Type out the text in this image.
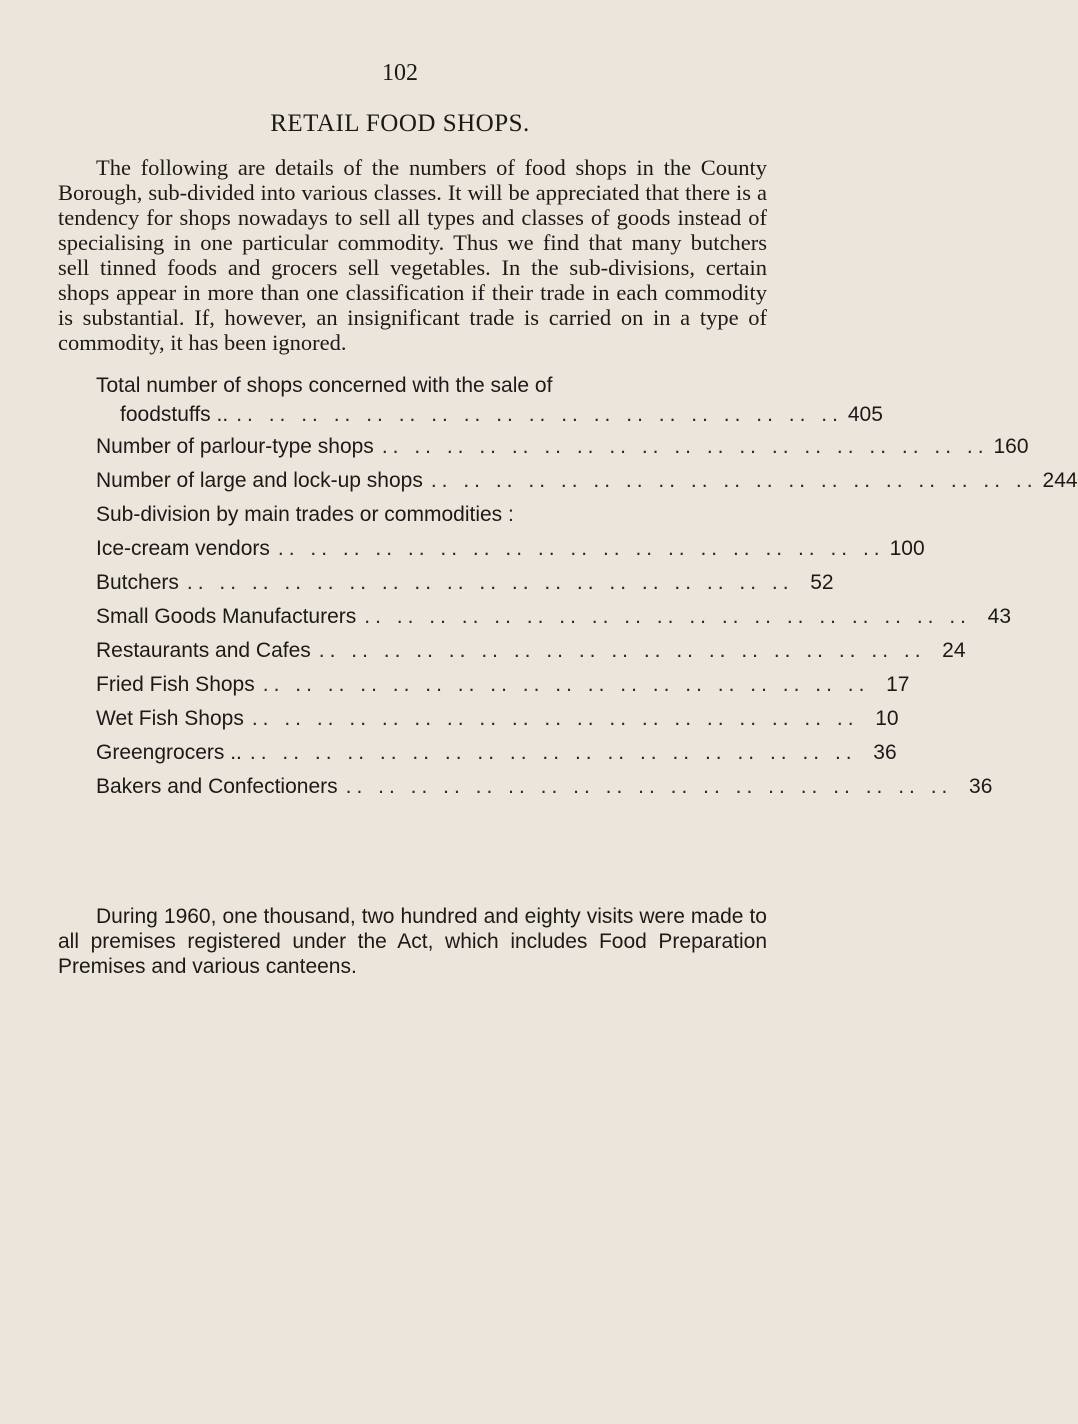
102
RETAIL FOOD SHOPS.

The following are details of the numbers of food shops in the County Borough, sub-divided into various classes. It will be appreciated that there is a tendency for shops nowadays to sell all types and classes of goods instead of specialising in one particular commodity. Thus we find that many butchers sell tinned foods and grocers sell vegetables. In the sub-divisions, certain shops appear in more than one classification if their trade in each commodity is substantial. If, however, an insignificant trade is carried on in a type of commodity, it has been ignored.

Total number of shops concerned with the sale of
foodstuffs .. .. .. .. .. .. .. .. .. .. .. .. .. .. .. .. .. .. .. .. 405
Number of parlour-type shops .. .. .. .. .. .. .. .. .. .. .. .. .. .. .. .. .. .. .. 160
Number of large and lock-up shops .. .. .. .. .. .. .. .. .. .. .. .. .. .. .. .. .. .. .. 244
Sub-division by main trades or commodities :
Ice-cream vendors .. .. .. .. .. .. .. .. .. .. .. .. .. .. .. .. .. .. .. 100
Butchers .. .. .. .. .. .. .. .. .. .. .. .. .. .. .. .. .. .. .. 52
Small Goods Manufacturers .. .. .. .. .. .. .. .. .. .. .. .. .. .. .. .. .. .. .. 43
Restaurants and Cafes .. .. .. .. .. .. .. .. .. .. .. .. .. .. .. .. .. .. .. 24
Fried Fish Shops .. .. .. .. .. .. .. .. .. .. .. .. .. .. .. .. .. .. .. 17
Wet Fish Shops .. .. .. .. .. .. .. .. .. .. .. .. .. .. .. .. .. .. .. 10
Greengrocers .. .. .. .. .. .. .. .. .. .. .. .. .. .. .. .. .. .. .. .. 36
Bakers and Confectioners .. .. .. .. .. .. .. .. .. .. .. .. .. .. .. .. .. .. .. 36

During 1960, one thousand, two hundred and eighty visits were made to all premises registered under the Act, which includes Food Preparation Premises and various canteens.
